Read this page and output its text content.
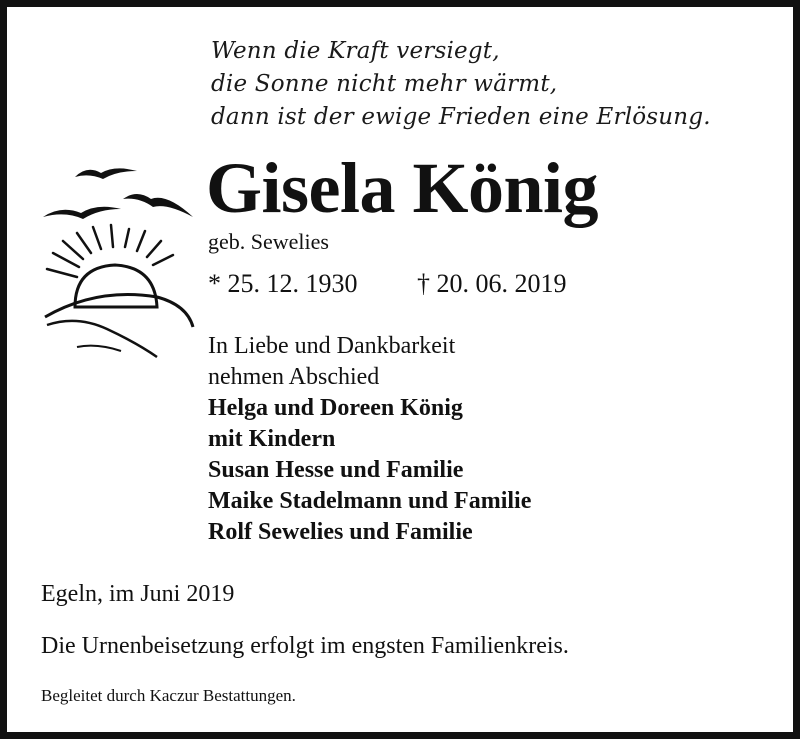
Wenn die Kraft versiegt,
die Sonne nicht mehr wärmt,
dann ist der ewige Frieden eine Erlösung.
Gisela König
geb. Sewelies
* 25. 12. 1930 † 20. 06. 2019
In Liebe und Dankbarkeit
nehmen Abschied
Helga und Doreen König
mit Kindern
Susan Hesse und Familie
Maike Stadelmann und Familie
Rolf Sewelies und Familie
Egeln, im Juni 2019
Die Urnenbeisetzung erfolgt im engsten Familienkreis.
Begleitet durch Kaczur Bestattungen.
